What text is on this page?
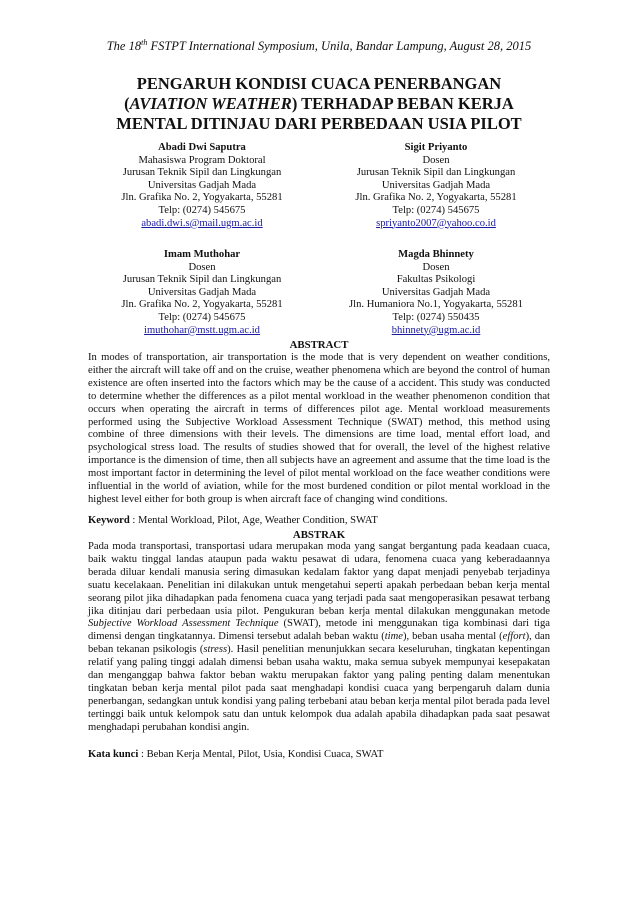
The 18th FSTPT International Symposium, Unila, Bandar Lampung, August 28, 2015
PENGARUH KONDISI CUACA PENERBANGAN
(AVIATION WEATHER) TERHADAP BEBAN KERJA
MENTAL DITINJAU DARI PERBEDAAN USIA PILOT
Abadi Dwi Saputra
Mahasiswa Program Doktoral
Jurusan Teknik Sipil dan Lingkungan
Universitas Gadjah Mada
Jln. Grafika No. 2, Yogyakarta, 55281
Telp: (0274) 545675
abadi.dwi.s@mail.ugm.ac.id
Sigit Priyanto
Dosen
Jurusan Teknik Sipil dan Lingkungan
Universitas Gadjah Mada
Jln. Grafika No. 2, Yogyakarta, 55281
Telp: (0274) 545675
spriyanto2007@yahoo.co.id
Imam Muthohar
Dosen
Jurusan Teknik Sipil dan Lingkungan
Universitas Gadjah Mada
Jln. Grafika No. 2, Yogyakarta, 55281
Telp: (0274) 545675
imuthohar@mstt.ugm.ac.id
Magda Bhinnety
Dosen
Fakultas Psikologi
Universitas Gadjah Mada
Jln. Humaniora No.1, Yogyakarta, 55281
Telp: (0274) 550435
bhinnety@ugm.ac.id
ABSTRACT
In modes of transportation, air transportation is the mode that is very dependent on weather conditions, either the aircraft will take off and on the cruise, weather phenomena which are beyond the control of human existence are often inserted into the factors which may be the cause of a accident. This study was conducted to determine whether the differences as a pilot mental workload in the weather phenomenon condition that occurs when operating the aircraft in terms of differences pilot age. Mental workload measurements performed using the Subjective Workload Assessment Technique (SWAT) method, this method using combine of three dimensions with their levels. The dimensions are time load, mental effort load, and psychological stress load. The results of studies showed that for overall, the level of the highest relative importance is the dimension of time, then all subjects have an agreement and assume that the time load is the most important factor in determining the level of pilot mental workload on the face weather conditions were influential in the world of aviation, while for the most burdened condition or pilot mental workload in the highest level either for both group is when aircraft face of changing wind conditions.
Keyword : Mental Workload, Pilot, Age, Weather Condition, SWAT
ABSTRAK
Pada moda transportasi, transportasi udara merupakan moda yang sangat bergantung pada keadaan cuaca, baik waktu tinggal landas ataupun pada waktu pesawat di udara, fenomena cuaca yang keberadaannya berada diluar kendali manusia sering dimasukan kedalam faktor yang dapat menjadi penyebab terjadinya suatu kecelakaan. Penelitian ini dilakukan untuk mengetahui seperti apakah perbedaan beban kerja mental seorang pilot jika dihadapkan pada fenomena cuaca yang terjadi pada saat mengoperasikan pesawat terbang jika ditinjau dari perbedaan usia pilot. Pengukuran beban kerja mental dilakukan menggunakan metode Subjective Workload Assessment Technique (SWAT), metode ini menggunakan tiga kombinasi dari tiga dimensi dengan tingkatannya. Dimensi tersebut adalah beban waktu (time), beban usaha mental (effort), dan beban tekanan psikologis (stress). Hasil penelitian menunjukkan secara keseluruhan, tingkatan kepentingan relatif yang paling tinggi adalah dimensi beban usaha waktu, maka semua subyek mempunyai kesepakatan dan menganggap bahwa faktor beban waktu merupakan faktor yang paling penting dalam menentukan tingkatan beban kerja mental pilot pada saat menghadapi kondisi cuaca yang berpengaruh dalam dunia penerbangan, sedangkan untuk kondisi yang paling terbebani atau beban kerja mental pilot berada pada level tertinggi baik untuk kelompok satu dan untuk kelompok dua adalah apabila dihadapkan pada saat pesawat menghadapi perubahan kondisi angin.
Kata kunci : Beban Kerja Mental, Pilot, Usia, Kondisi Cuaca, SWAT
